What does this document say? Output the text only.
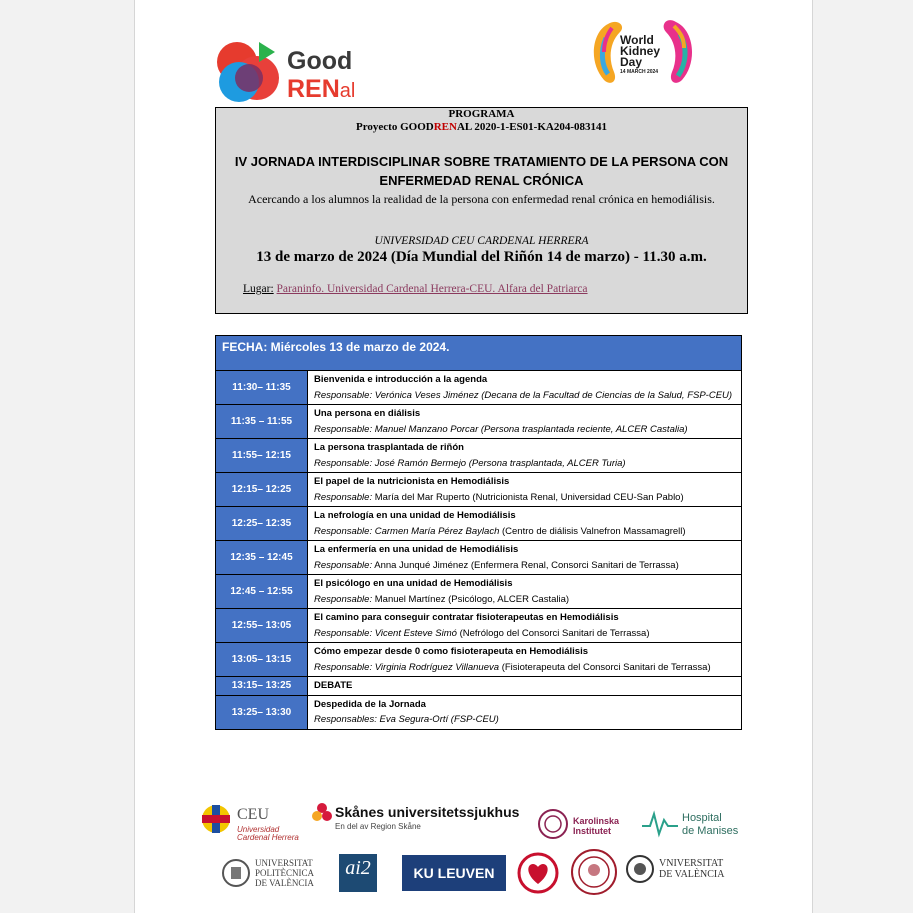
Good
RENal
World
Kidney
Day
14 MARCH 2024
PROGRAMA
Proyecto GOODRENAL 2020-1-ES01-KA204-083141
IV JORNADA INTERDISCIPLINAR SOBRE TRATAMIENTO DE LA PERSONA CON ENFERMEDAD RENAL CRÓNICA
Acercando a los alumnos la realidad de la persona con enfermedad renal crónica en hemodiálisis.
UNIVERSIDAD CEU CARDENAL HERRERA
13 de marzo de 2024 (Día Mundial del Riñón 14 de marzo) - 11.30 a.m.
Lugar: Paraninfo. Universidad Cardenal Herrera-CEU. Alfara del Patriarca
FECHA: Miércoles 13 de marzo de 2024.
11:30– 11:35
Bienvenida e introducción a la agenda
Responsable: Verónica Veses Jiménez (Decana de la Facultad de Ciencias de la Salud, FSP-CEU)
11:35 – 11:55
Una persona en diálisis
Responsable: Manuel Manzano Porcar (Persona trasplantada reciente, ALCER Castalia)
11:55– 12:15
La persona trasplantada de riñón
Responsable: José Ramón Bermejo (Persona trasplantada, ALCER Turia)
12:15– 12:25
El papel de la nutricionista en Hemodiálisis
Responsable: María del Mar Ruperto (Nutricionista Renal, Universidad CEU-San Pablo)
12:25– 12:35
La nefrología en una unidad de Hemodiálisis
Responsable: Carmen María Pérez Baylach (Centro de diálisis Valnefron Massamagrell)
12:35 – 12:45
La enfermería en una unidad de Hemodiálisis
Responsable: Anna Junqué Jiménez (Enfermera Renal, Consorci Sanitari de Terrassa)
12:45 – 12:55
El psicólogo en una unidad de Hemodiálisis
Responsable: Manuel Martínez (Psicólogo, ALCER Castalia)
12:55– 13:05
El camino para conseguir contratar fisioterapeutas en Hemodiálisis
Responsable: Vicent Esteve Simó (Nefrólogo del Consorci Sanitari de Terrassa)
13:05– 13:15
Cómo empezar desde 0 como fisioterapeuta en Hemodiálisis
Responsable: Virginia Rodríguez Villanueva (Fisioterapeuta del Consorci Sanitari de Terrassa)
13:15– 13:25	DEBATE
13:25– 13:30
Despedida de la Jornada
Responsables: Eva Segura-Ortí (FSP-CEU)
CEU
Universidad
Cardenal Herrera
Skånes universitetssjukhus
En del av Region Skåne
Karolinska
Institutet
Hospital
de Manises
UNIVERSITAT
POLITÈCNICA
DE VALÈNCIA
ai2	KU LEUVEN
VNIVERSITAT
DE VALÈNCIA
